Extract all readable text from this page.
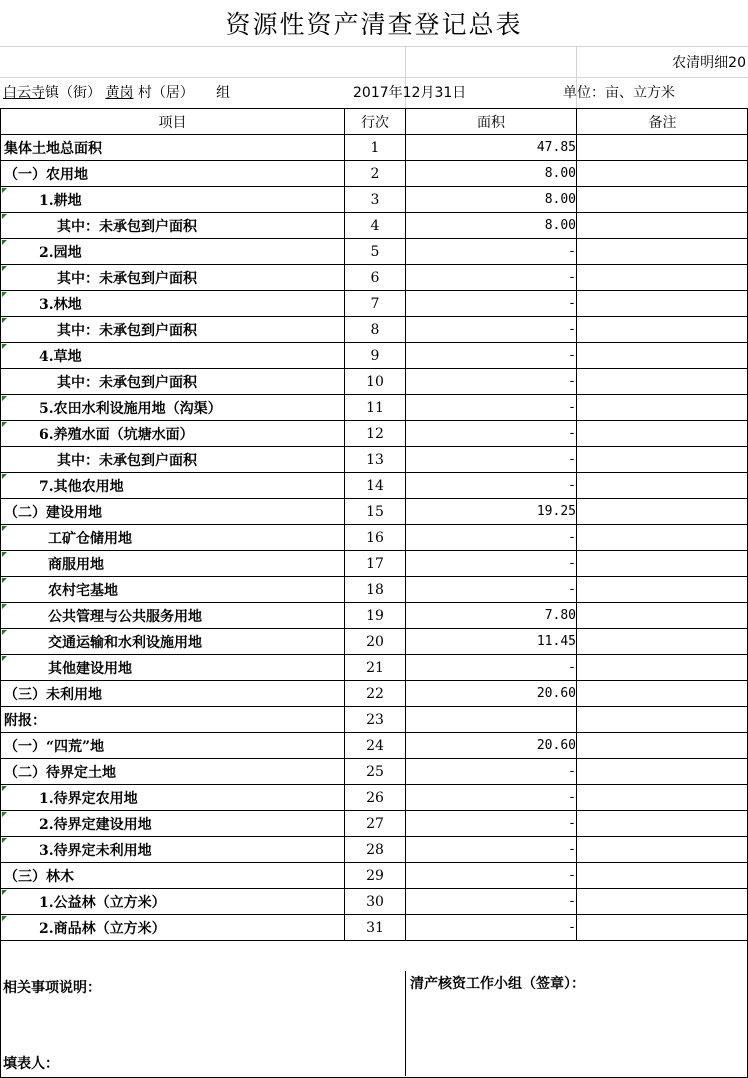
资源性资产清查登记总表
农清明细20
白云寺镇（街） 黄岗 村（居） 组	2017年12月31日	单位：亩、立方米
项目	行次	面积	备注
集体土地总面积	1	47.85	
（一）农用地	2	8.00	
1.耕地	3	8.00	
其中：未承包到户面积	4	8.00	
2.园地	5	-	
其中：未承包到户面积	6	-	
3.林地	7	-	
其中：未承包到户面积	8	-	
4.草地	9	-	
其中：未承包到户面积	10	-	
5.农田水利设施用地（沟渠）	11	-	
6.养殖水面（坑塘水面）	12	-	
其中：未承包到户面积	13	-	
7.其他农用地	14	-	
（二）建设用地	15	19.25	
工矿仓储用地	16	-	
商服用地	17	-	
农村宅基地	18	-	
公共管理与公共服务用地	19	7.80	
交通运输和水利设施用地	20	11.45	
其他建设用地	21	-	
（三）未利用地	22	20.60	
附报：	23		
（一）“四荒”地	24	20.60	
（二）待界定土地	25	-	
1.待界定农用地	26	-	
2.待界定建设用地	27	-	
3.待界定未利用地	28	-	
（三）林木	29	-	
1.公益林（立方米）	30	-	
2.商品林（立方米）	31	-	
相关事项说明：
填表人：
清产核资工作小组（签章）：
